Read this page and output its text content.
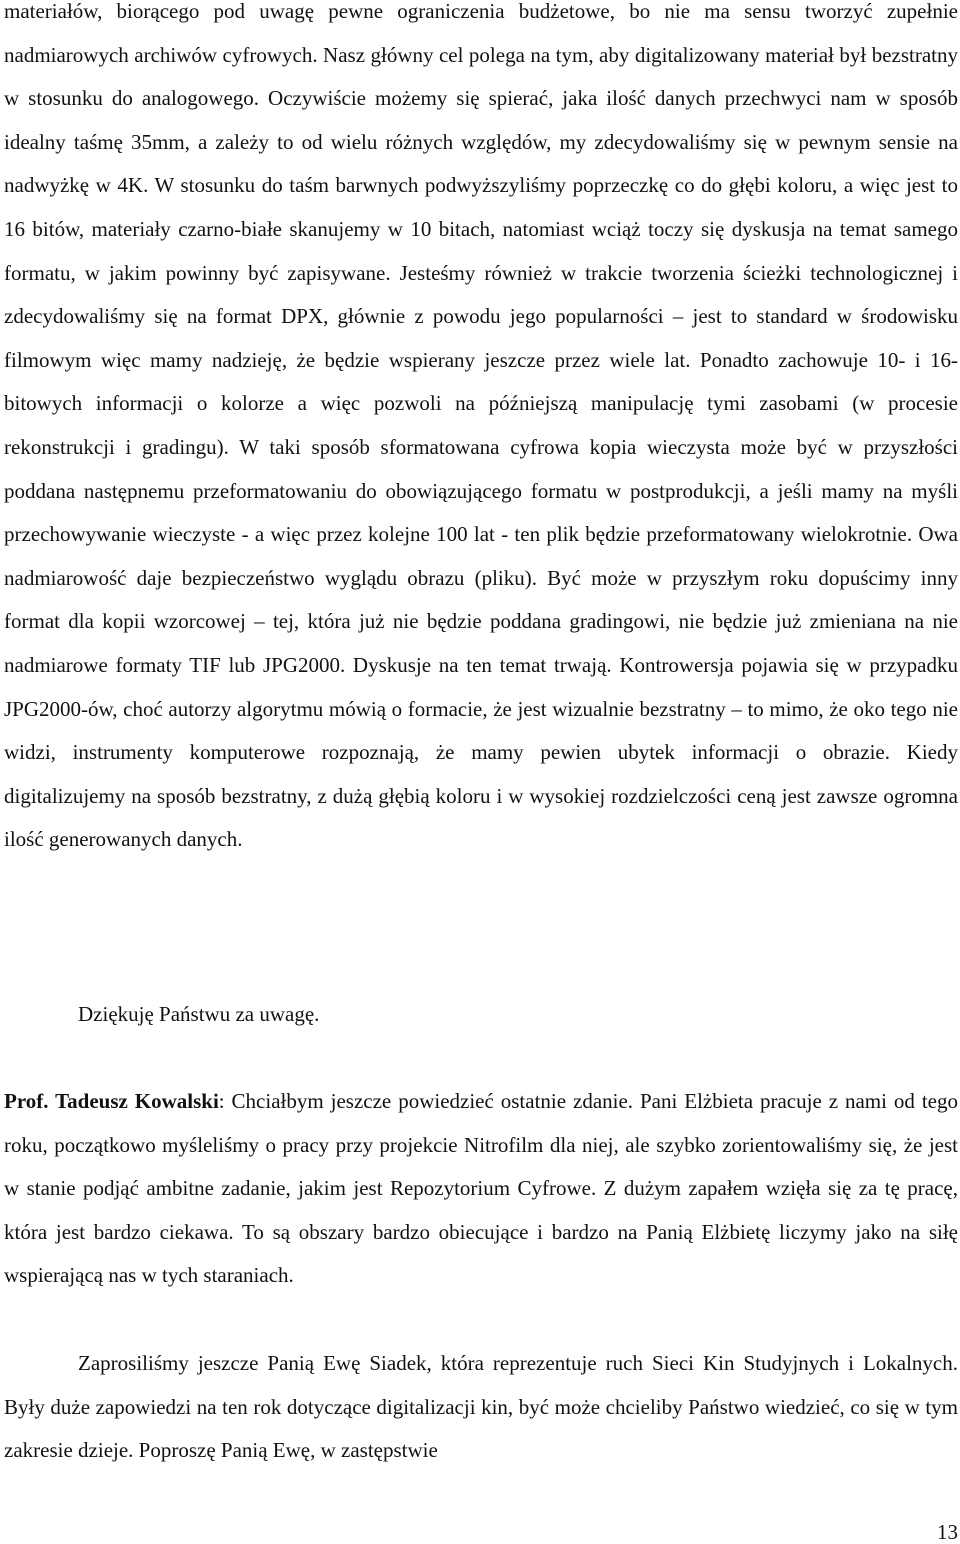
materiałów, biorącego pod uwagę pewne ograniczenia budżetowe, bo nie ma sensu tworzyć zupełnie nadmiarowych archiwów cyfrowych. Nasz główny cel polega na tym, aby digitalizowany materiał był bezstratny w stosunku do analogowego. Oczywiście możemy się spierać, jaka ilość danych przechwyci nam w sposób idealny taśmę 35mm, a zależy to od wielu różnych względów, my zdecydowaliśmy się w pewnym sensie na nadwyżkę w 4K. W stosunku do taśm barwnych podwyższyliśmy poprzeczkę co do głębi koloru, a więc jest to 16 bitów, materiały czarno-białe skanujemy w 10 bitach, natomiast wciąż toczy się dyskusja na temat samego formatu, w jakim powinny być zapisywane. Jesteśmy również w trakcie tworzenia ścieżki technologicznej i zdecydowaliśmy się na format DPX, głównie z powodu jego popularności – jest to standard w środowisku filmowym więc mamy nadzieję, że będzie wspierany jeszcze przez wiele lat. Ponadto zachowuje 10- i 16-bitowych informacji o kolorze a więc pozwoli na późniejszą manipulację tymi zasobami (w procesie rekonstrukcji i gradingu). W taki sposób sformatowana cyfrowa kopia wieczysta może być w przyszłości poddana następnemu przeformatowaniu do obowiązującego formatu w postprodukcji, a jeśli mamy na myśli przechowywanie wieczyste - a więc przez kolejne 100 lat - ten plik będzie przeformatowany wielokrotnie. Owa nadmiarowość daje bezpieczeństwo wyglądu obrazu (pliku). Być może w przyszłym roku dopuścimy inny format dla kopii wzorcowej – tej, która już nie będzie poddana gradingowi, nie będzie już zmieniana na nie nadmiarowe formaty TIF lub JPG2000. Dyskusje na ten temat trwają. Kontrowersja pojawia się w przypadku JPG2000-ów, choć autorzy algorytmu mówią o formacie, że jest wizualnie bezstratny – to mimo, że oko tego nie widzi, instrumenty komputerowe rozpoznają, że mamy pewien ubytek informacji o obrazie. Kiedy digitalizujemy na sposób bezstratny, z dużą głębią koloru i w wysokiej rozdzielczości ceną jest zawsze ogromna ilość generowanych danych.

Dziękuję Państwu za uwagę.

Prof. Tadeusz Kowalski: Chciałbym jeszcze powiedzieć ostatnie zdanie. Pani Elżbieta pracuje z nami od tego roku, początkowo myśleliśmy o pracy przy projekcie Nitrofilm dla niej, ale szybko zorientowaliśmy się, że jest w stanie podjąć ambitne zadanie, jakim jest Repozytorium Cyfrowe. Z dużym zapałem wzięła się za tę pracę, która jest bardzo ciekawa. To są obszary bardzo obiecujące i bardzo na Panią Elżbietę liczymy jako na siłę wspierającą nas w tych staraniach.

Zaprosiliśmy jeszcze Panią Ewę Siadek, która reprezentuje ruch Sieci Kin Studyjnych i Lokalnych. Były duże zapowiedzi na ten rok dotyczące digitalizacji kin, być może chcieliby Państwo wiedzieć, co się w tym zakresie dzieje. Poproszę Panią Ewę, w zastępstwie

13
